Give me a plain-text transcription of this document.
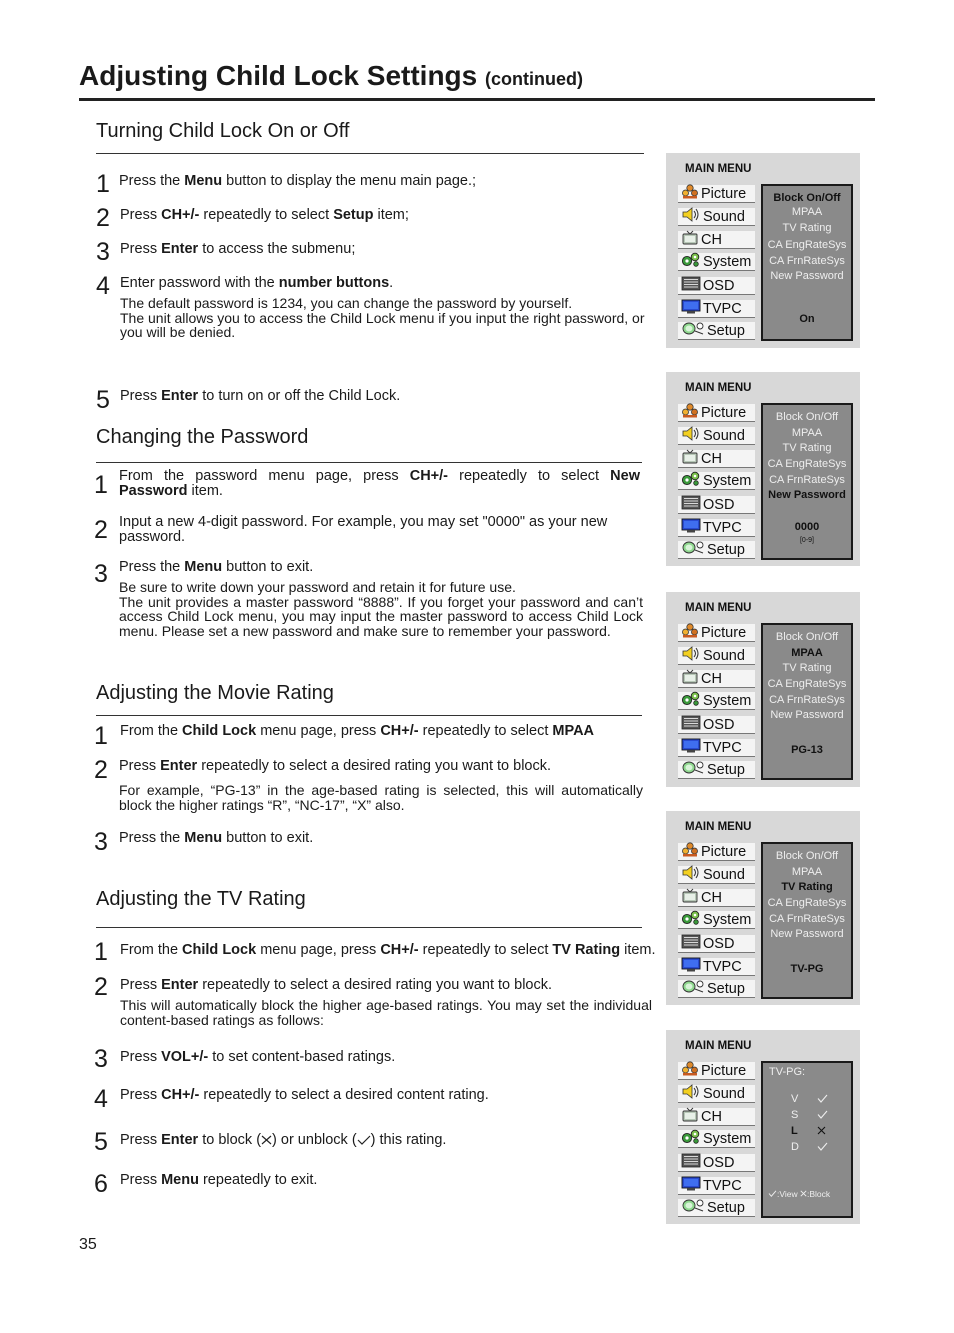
Adjusting Child Lock Settings (continued)
Turning Child Lock On or Off
1 Press the Menu button to display the menu main page.;
2 Press CH+/- repeatedly to select Setup item;
3 Press Enter to access the submenu;
4 Enter password with the number buttons.
The default password is 1234, you can change the password by yourself.
The unit allows you to access the Child Lock menu if you input the right password, or
you will be denied.
5 Press Enter to turn on or off the Child Lock.
Changing the Password
1 From the password menu page, press CH+/- repeatedly to select New Password item.
2 Input a new 4-digit password. For example, you may set "0000" as your new password.
3 Press the Menu button to exit.
Be sure to write down your password and retain it for future use.
The unit provides a master password “8888”. If you forget your password and can’t access Child Lock menu, you may input the master password to access Child Lock menu. Please set a new password and make sure to remember your password.
Adjusting the Movie Rating
1 From the Child Lock menu page, press CH+/- repeatedly to select MPAA
2 Press Enter repeatedly to select a desired rating you want to block.
For example, “PG-13” in the age-based rating is selected, this will automatically block the higher ratings “R”, “NC-17”, “X” also.
3 Press the Menu button to exit.
Adjusting the TV Rating
1 From the Child Lock menu page, press CH+/- repeatedly to select TV Rating item.
2 Press Enter repeatedly to select a desired rating you want to block.
This will automatically block the higher age-based ratings. You may set the individual content-based ratings as follows:
3 Press VOL+/- to set content-based ratings.
4 Press CH+/- repeatedly to select a desired content rating.
5 Press Enter to block ( ) or unblock ( ) this rating.
6 Press Menu repeatedly to exit.
35
MAIN MENU
Picture
Sound
CH
System
OSD
TVPC
Setup
Block On/Off
MPAA
TV Rating
CA EngRateSys
CA FrnRateSys
New Password
On
MAIN MENU
Picture
Sound
CH
System
OSD
TVPC
Setup
Block On/Off
MPAA
TV Rating
CA EngRateSys
CA FrnRateSys
New Password
0000
[0-9]
MAIN MENU
Picture
Sound
CH
System
OSD
TVPC
Setup
Block On/Off
MPAA
TV Rating
CA EngRateSys
CA FrnRateSys
New Password
PG-13
MAIN MENU
Picture
Sound
CH
System
OSD
TVPC
Setup
Block On/Off
MPAA
TV Rating
CA EngRateSys
CA FrnRateSys
New Password
TV-PG
MAIN MENU
Picture
Sound
CH
System
OSD
TVPC
Setup
TV-PG:
V
S
L
D
:View :Block
